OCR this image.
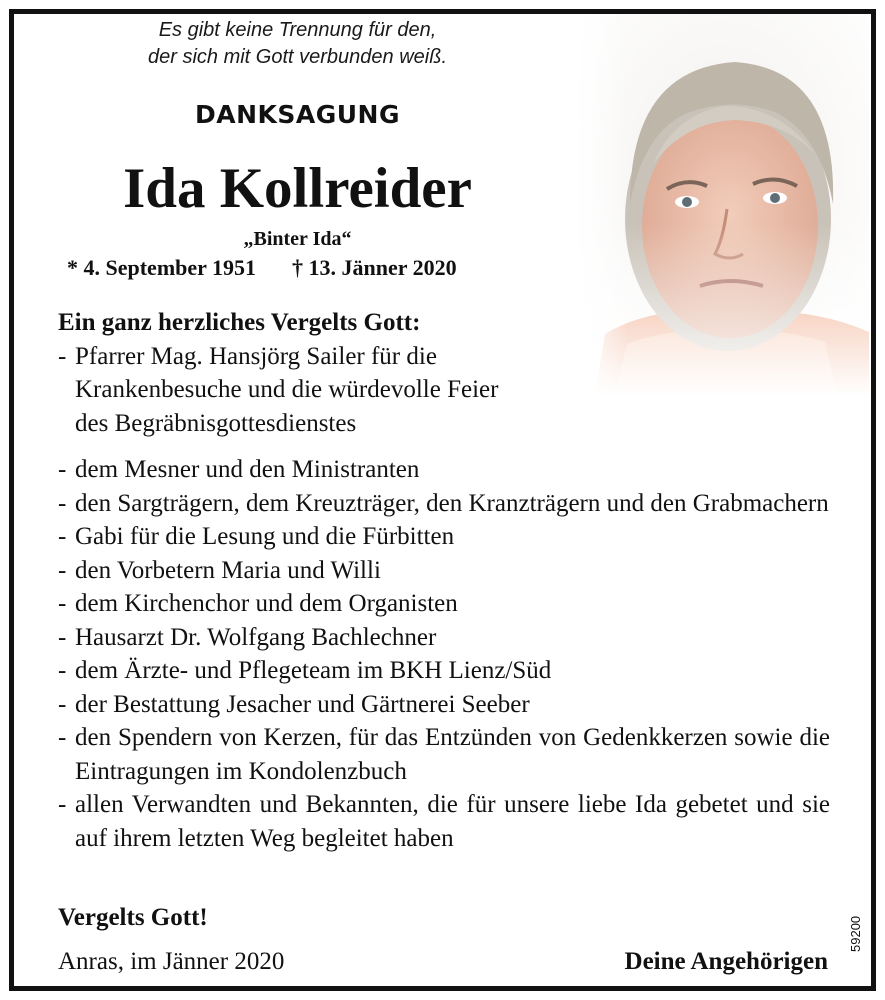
Es gibt keine Trennung für den,
der sich mit Gott verbunden weiß.

DANKSAGUNG
Ida Kollreider
„Binter Ida“
* 4. September 1951 † 13. Jänner 2020

Ein ganz herzliches Vergelts Gott:

- Pfarrer Mag. Hansjörg Sailer für die Krankenbesuche und die würdevolle Feier des Begräbnisgottesdienstes
- dem Mesner und den Ministranten
- den Sargträgern, dem Kreuzträger, den Kranzträgern und den Grabmachern
- Gabi für die Lesung und die Fürbitten
- den Vorbetern Maria und Willi
- dem Kirchenchor und dem Organisten
- Hausarzt Dr. Wolfgang Bachlechner
- dem Ärzte- und Pflegeteam im BKH Lienz/Süd
- der Bestattung Jesacher und Gärtnerei Seeber
- den Spendern von Kerzen, für das Entzünden von Gedenkkerzen sowie die Eintragungen im Kondolenzbuch
- allen Verwandten und Bekannten, die für unsere liebe Ida gebetet und sie auf ihrem letzten Weg begleitet haben

Vergelts Gott!

Anras, im Jänner 2020	Deine Angehörigen
59200
